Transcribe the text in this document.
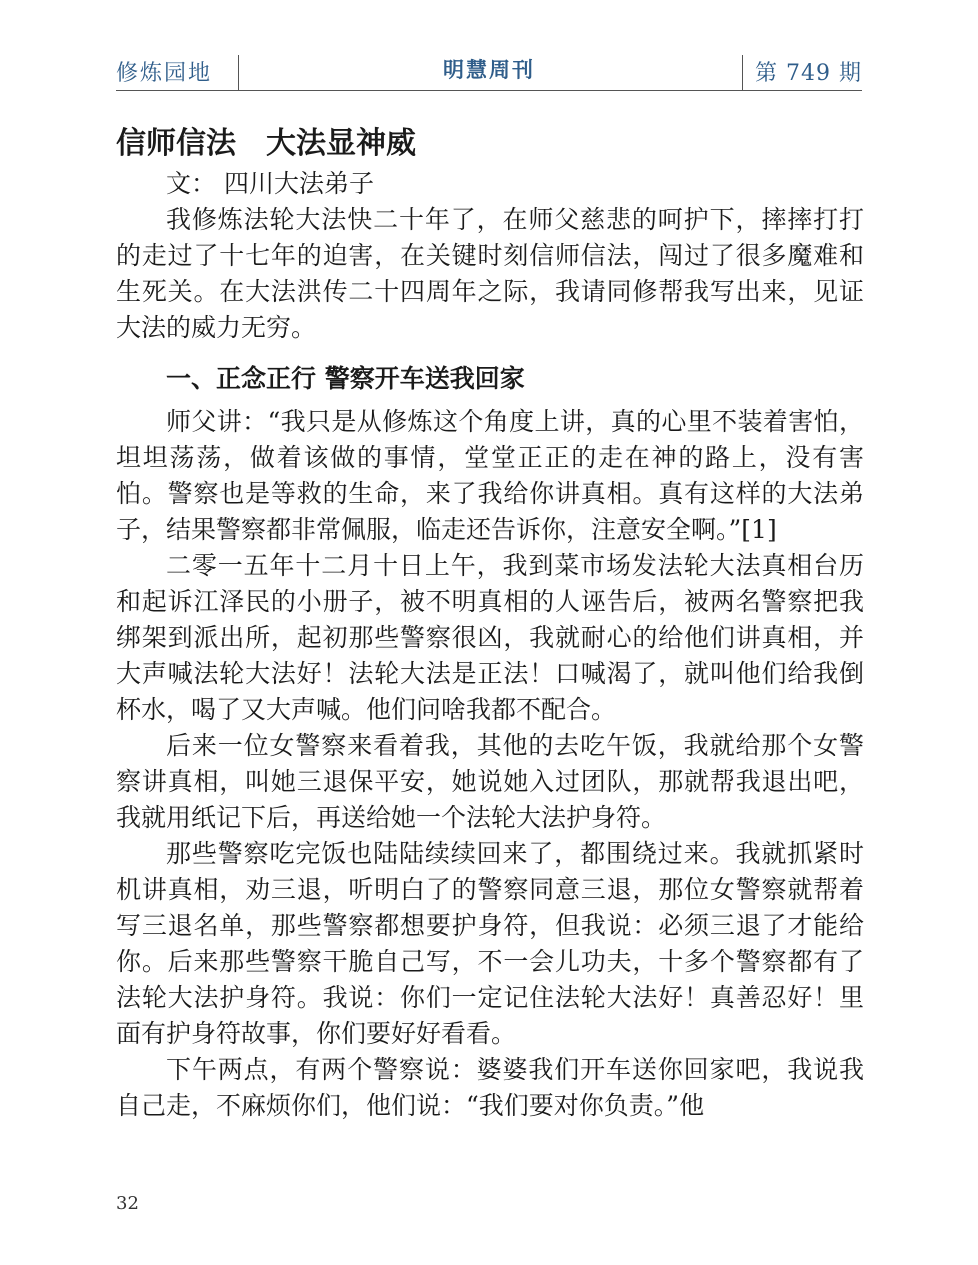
修炼园地	明慧周刊	第 749 期
信师信法　大法显神威
文： 四川大法弟子

我修炼法轮大法快二十年了，在师父慈悲的呵护下，摔摔打打的走过了十七年的迫害，在关键时刻信师信法，闯过了很多魔难和生死关。在大法洪传二十四周年之际，我请同修帮我写出来，见证大法的威力无穷。

一、正念正行 警察开车送我回家

师父讲：“我只是从修炼这个角度上讲，真的心里不装着害怕，坦坦荡荡，做着该做的事情，堂堂正正的走在神的路上，没有害怕。警察也是等救的生命，来了我给你讲真相。真有这样的大法弟子，结果警察都非常佩服，临走还告诉你，注意安全啊。”[1]

二零一五年十二月十日上午，我到菜市场发法轮大法真相台历和起诉江泽民的小册子，被不明真相的人诬告后，被两名警察把我绑架到派出所，起初那些警察很凶，我就耐心的给他们讲真相，并大声喊法轮大法好！法轮大法是正法！口喊渴了，就叫他们给我倒杯水，喝了又大声喊。他们问啥我都不配合。

后来一位女警察来看着我，其他的去吃午饭，我就给那个女警察讲真相，叫她三退保平安，她说她入过团队，那就帮我退出吧，我就用纸记下后，再送给她一个法轮大法护身符。

那些警察吃完饭也陆陆续续回来了，都围绕过来。我就抓紧时机讲真相，劝三退，听明白了的警察同意三退，那位女警察就帮着写三退名单，那些警察都想要护身符，但我说：必须三退了才能给你。后来那些警察干脆自己写，不一会儿功夫，十多个警察都有了法轮大法护身符。我说：你们一定记住法轮大法好！真善忍好！里面有护身符故事，你们要好好看看。

下午两点，有两个警察说：婆婆我们开车送你回家吧，我说我自己走，不麻烦你们，他们说：“我们要对你负责。”他

32
